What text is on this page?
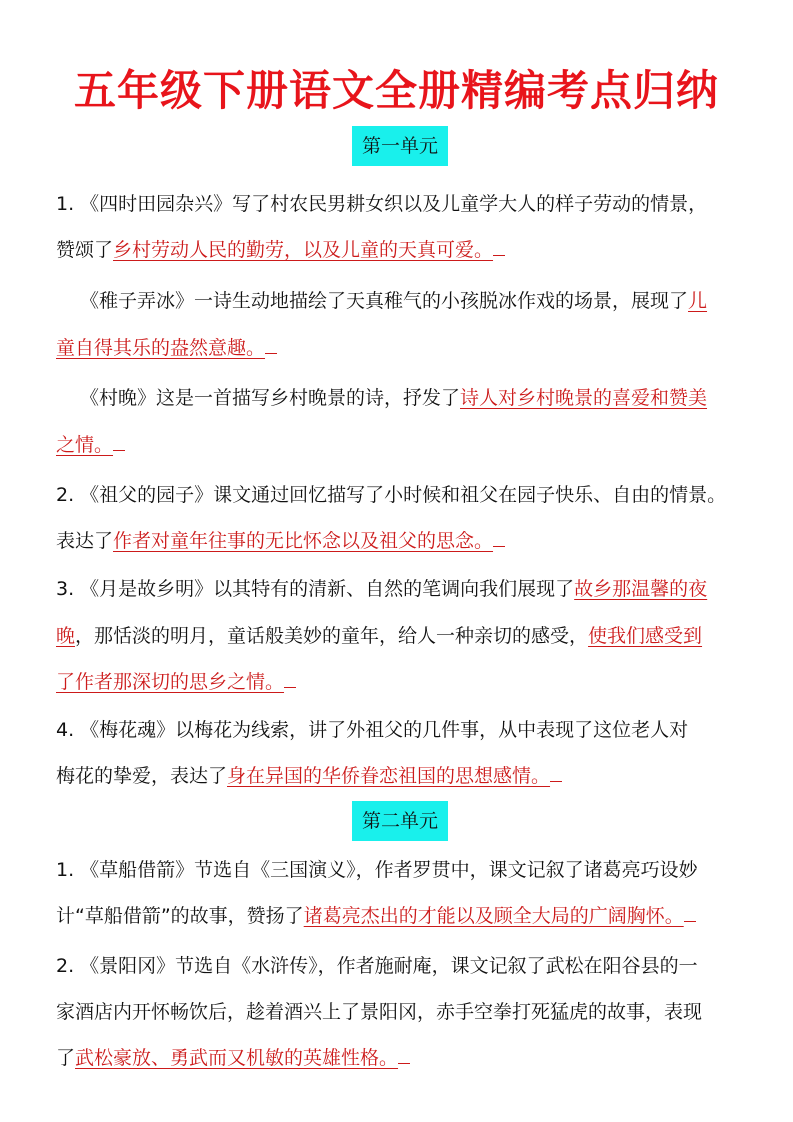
五年级下册语文全册精编考点归纳
第一单元
1. 《四时田园杂兴》写了村农民男耕女织以及儿童学大人的样子劳动的情景，
赞颂了乡村劳动人民的勤劳，以及儿童的天真可爱。
《稚子弄冰》一诗生动地描绘了天真稚气的小孩脱冰作戏的场景，展现了儿
童自得其乐的盎然意趣。
《村晚》这是一首描写乡村晚景的诗，抒发了诗人对乡村晚景的喜爱和赞美
之情。
2. 《祖父的园子》课文通过回忆描写了小时候和祖父在园子快乐、自由的情景。
表达了作者对童年往事的无比怀念以及祖父的思念。
3. 《月是故乡明》以其特有的清新、自然的笔调向我们展现了故乡那温馨的夜
晚，那恬淡的明月，童话般美妙的童年，给人一种亲切的感受，使我们感受到
了作者那深切的思乡之情。
4. 《梅花魂》以梅花为线索，讲了外祖父的几件事，从中表现了这位老人对
梅花的挚爱，表达了身在异国的华侨眷恋祖国的思想感情。
第二单元
1. 《草船借箭》节选自《三国演义》，作者罗贯中，课文记叙了诸葛亮巧设妙
计“草船借箭”的故事，赞扬了诸葛亮杰出的才能以及顾全大局的广阔胸怀。
2. 《景阳冈》节选自《水浒传》，作者施耐庵，课文记叙了武松在阳谷县的一
家酒店内开怀畅饮后，趁着酒兴上了景阳冈，赤手空拳打死猛虎的故事，表现
了武松豪放、勇武而又机敏的英雄性格。
